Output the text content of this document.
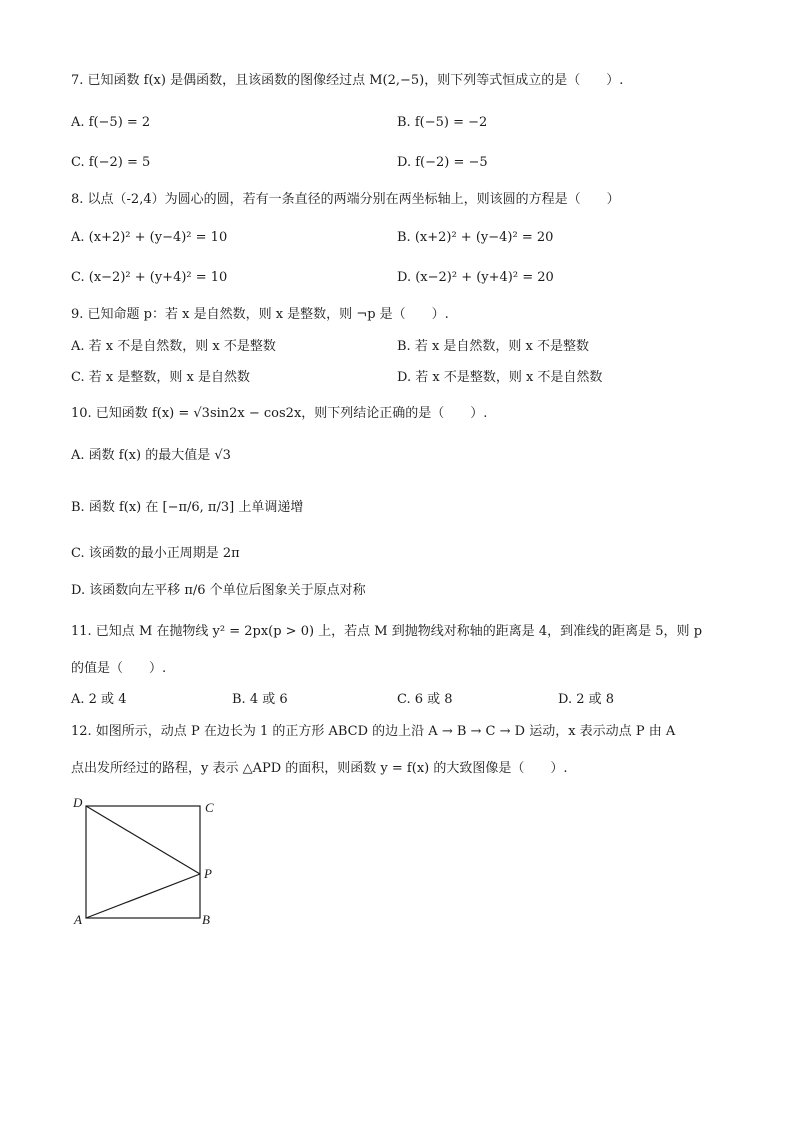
7. 已知函数 f(x) 是偶函数，且该函数的图像经过点 M(2,−5)，则下列等式恒成立的是（　　）.
A. f(−5) = 2	B. f(−5) = −2
C. f(−2) = 5	D. f(−2) = −5
8. 以点（-2,4）为圆心的圆，若有一条直径的两端分别在两坐标轴上，则该圆的方程是（　　）
A. (x+2)² + (y−4)² = 10	B. (x+2)² + (y−4)² = 20
C. (x−2)² + (y+4)² = 10	D. (x−2)² + (y+4)² = 20
9. 已知命题 p：若 x 是自然数，则 x 是整数，则 ¬p 是（　　）.
A. 若 x 不是自然数，则 x 不是整数	B. 若 x 是自然数，则 x 不是整数
C. 若 x 是整数，则 x 是自然数	D. 若 x 不是整数，则 x 不是自然数
10. 已知函数 f(x) = √3sin2x − cos2x，则下列结论正确的是（　　）.
A. 函数 f(x) 的最大值是 √3
B. 函数 f(x) 在 [−π/6, π/3] 上单调递增
C. 该函数的最小正周期是 2π
D. 该函数向左平移 π/6 个单位后图象关于原点对称
11. 已知点 M 在抛物线 y² = 2px(p > 0) 上，若点 M 到抛物线对称轴的距离是 4，到准线的距离是 5，则 p
的值是（　　）.
A. 2 或 4	B. 4 或 6	C. 6 或 8	D. 2 或 8
12. 如图所示，动点 P 在边长为 1 的正方形 ABCD 的边上沿 A → B → C → D 运动，x 表示动点 P 由 A
点出发所经过的路程，y 表示 △APD 的面积，则函数 y = f(x) 的大致图像是（　　）.
D	C
P
A	B
